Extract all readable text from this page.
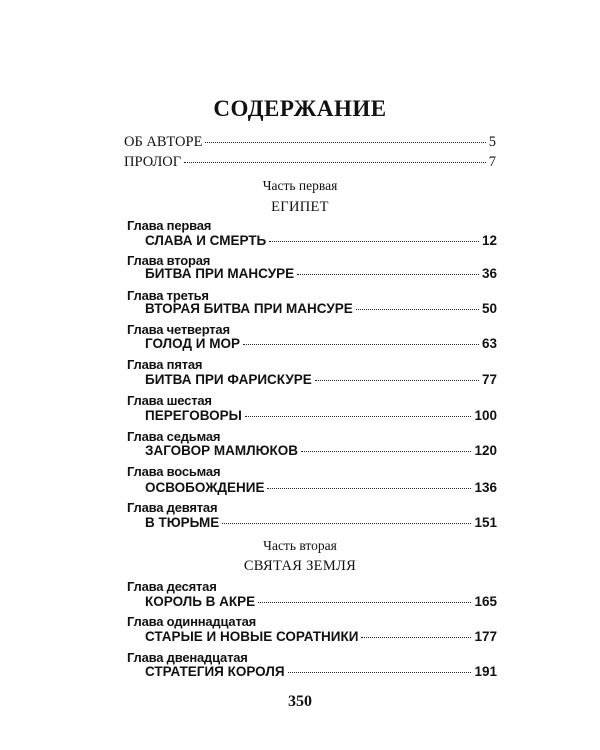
СОДЕРЖАНИЕ
ОБ АВТОРЕ	5
ПРОЛОГ	7
Часть первая
ЕГИПЕТ
Глава первая
СЛАВА И СМЕРТЬ	12
Глава вторая
БИТВА ПРИ МАНСУРЕ	36
Глава третья
ВТОРАЯ БИТВА ПРИ МАНСУРЕ	50
Глава четвертая
ГОЛОД И МОР	63
Глава пятая
БИТВА ПРИ ФАРИСКУРЕ	77
Глава шестая
ПЕРЕГОВОРЫ	100
Глава седьмая
ЗАГОВОР МАМЛЮКОВ	120
Глава восьмая
ОСВОБОЖДЕНИЕ	136
Глава девятая
В ТЮРЬМЕ	151
Часть вторая
СВЯТАЯ ЗЕМЛЯ
Глава десятая
КОРОЛЬ В АКРЕ	165
Глава одиннадцатая
СТАРЫЕ И НОВЫЕ СОРАТНИКИ	177
Глава двенадцатая
СТРАТЕГИЯ КОРОЛЯ	191
350
